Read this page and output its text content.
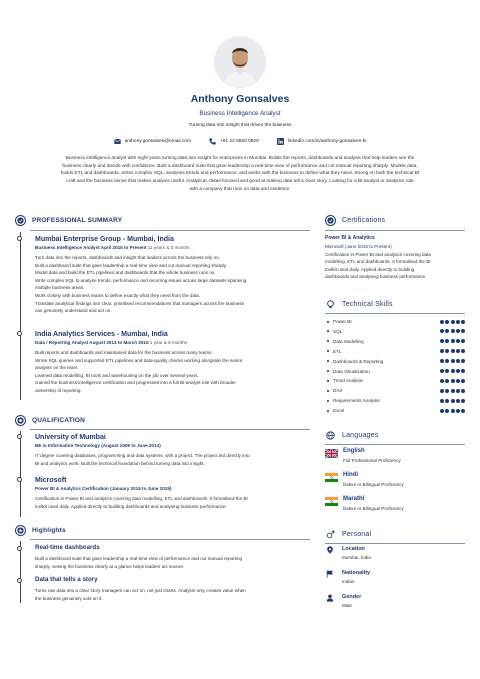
Anthony Gonsalves
Business Intelligence Analyst
Turning data into insight that drives the business
anthony.gonsalves@email.com	+91 22 5550 0820	linkedin.com/in/anthony-gonsalves-bi
Business intelligence analyst with eight years turning data into insight for enterprises in Mumbai. Builds the reports, dashboards and analysis that help leaders see the
business clearly and decide with confidence. Built a dashboard suite that gave leadership a real-time view of performance and cut manual reporting sharply. Models data,
builds ETL and dashboards, writes complex SQL, analyses trends and performance, and works with the business to define what they need. Strong on both the technical BI
craft and the business sense that makes analysis useful. Analytical, detail-focused and good at making data tell a clear story. Looking for a BI-analyst or analytics role
with a company that runs on data and evidence.
PROFESSIONAL SUMMARY
Mumbai Enterprise Group - Mumbai, India
Business Intelligence Analyst April 2015 to Present 11 years & 5 months
Turn data into the reports, dashboards and insight that leaders across the business rely on.
Built a dashboard suite that gave leadership a real-time view and cut manual reporting sharply.
Model data and build the ETL pipelines and dashboards that the whole business runs on.
Write complex SQL to analyse trends, performance and recurring issues across large datasets spanning
multiple business areas.
Work closely with business teams to define exactly what they need from the data.
Translate analytical findings into clear, prioritised recommendations that managers across the business
can genuinely understand and act on.
India Analytics Services - Mumbai, India
Data / Reporting Analyst August 2013 to March 2015 1 year & 8 months
Built reports and dashboards and maintained data for the business across many teams.
Wrote SQL queries and supported ETL pipelines and data-quality checks working alongside the senior
analysts on the team.
Learned data modelling, BI tools and warehousing on the job over several years.
Gained the business-intelligence certification and progressed into a full BI-analyst role with broader
ownership of reporting.
QUALIFICATION
University of Mumbai
BE in Information Technology (August 2009 to June 2013)
IT degree covering databases, programming and data systems, with a project. The project led directly into
BI and analytics work. Built the technical foundation behind turning data into insight.
Microsoft
Power BI & Analytics Certification (January 2015 to June 2015)
Certification in Power BI and analytics covering data modelling, ETL and dashboards. It formalised the BI
toolkit used daily. Applied directly to building dashboards and analysing business performance.
Highlights
Real-time dashboards
Built a dashboard suite that gave leadership a real-time view of performance and cut manual reporting
sharply. Seeing the business clearly at a glance helps leaders act sooner.
Data that tells a story
Turns raw data into a clear story managers can act on, not just charts. Analysis only creates value when
the business genuinely acts on it.
Certifications
Power BI & Analytics
Microsoft (June 2015 to Present)
Certification in Power BI and analytics covering data
modelling, ETL and dashboards. It formalised the BI
toolkit used daily. Applied directly to building
dashboards and analysing business performance.
Technical Skills
Power BI
SQL
Data Modelling
ETL
Dashboards & Reporting
Data Visualization
Trend Analysis
DAX
Requirements Analysis
Excel
Languages
English
Full Professional Proficiency
Hindi
Native or Bilingual Proficiency
Marathi
Native or Bilingual Proficiency
Personal
Location
Mumbai, India
Nationality
Indian
Gender
Male
